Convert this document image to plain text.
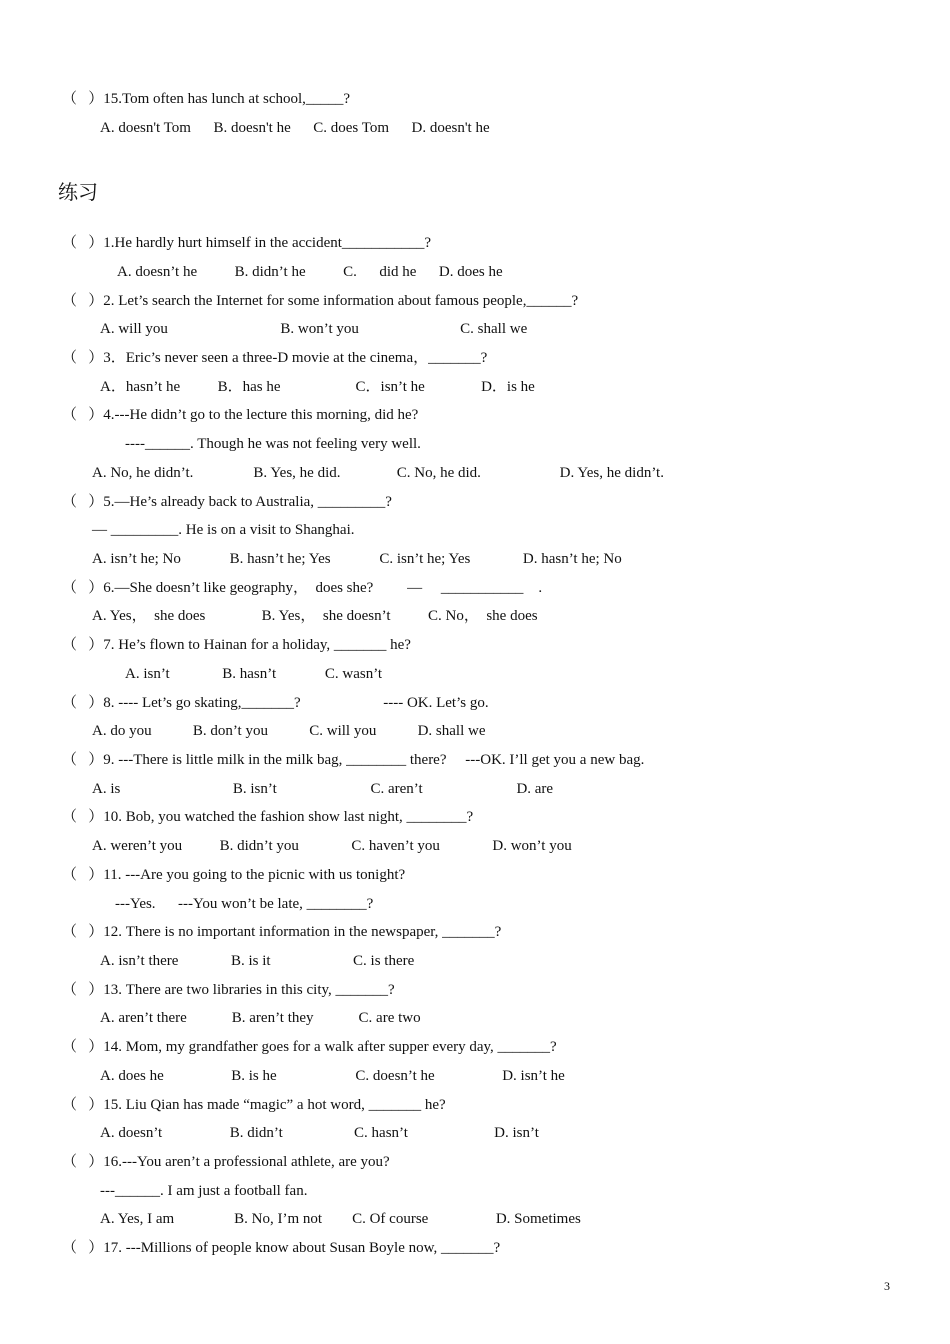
练习
（   ）15.Tom often has lunch at school,_____?
A. doesn't Tom      B. doesn't he      C. does Tom      D. doesn't he
（   ）1.He hardly hurt himself in the accident___________?
A. doesn’t he          B. didn’t he          C.      did he      D. does he
（   ）2. Let’s search the Internet for some information about famous people,______?
A. will you                              B. won’t you                           C. shall we
（   ）3．Eric’s never seen a three-D movie at the cinema，_______?
A．hasn’t he          B．has he                    C．isn’t he               D．is he
（   ）4.---He didn’t go to the lecture this morning, did he?
----______. Though he was not feeling very well.
A. No, he didn’t.                B. Yes, he did.               C. No, he did.                     D. Yes, he didn’t.
（   ）5.—He’s already back to Australia, _________?
— _________. He is on a visit to Shanghai.
A. isn’t he; No             B. hasn’t he; Yes             C. isn’t he; Yes              D. hasn’t he; No
（   ）6.—She doesn’t like geography，  does she?         —     ___________    .
A. Yes，  she does               B. Yes，  she doesn’t          C. No，  she does
（   ）7. He’s flown to Hainan for a holiday, _______ he?
A. isn’t              B. hasn’t             C. wasn’t
（   ）8. ---- Let’s go skating,_______?                      ---- OK. Let’s go.
A. do you           B. don’t you           C. will you           D. shall we
（   ）9. ---There is little milk in the milk bag, ________ there?     ---OK. I’ll get you a new bag.
A. is                              B. isn’t                         C. aren’t                         D. are
（   ）10. Bob, you watched the fashion show last night, ________?
A. weren’t you          B. didn’t you              C. haven’t you              D. won’t you
（   ）11. ---Are you going to the picnic with us tonight?
---Yes.      ---You won’t be late, ________?
（   ）12. There is no important information in the newspaper, _______?
A. isn’t there              B. is it                      C. is there
（   ）13. There are two libraries in this city, _______?
A. aren’t there            B. aren’t they            C. are two
（   ）14. Mom, my grandfather goes for a walk after supper every day, _______?
A. does he                  B. is he                     C. doesn’t he                  D. isn’t he
（   ）15. Liu Qian has made “magic” a hot word, _______ he?
A. doesn’t                  B. didn’t                   C. hasn’t                       D. isn’t
（   ）16.---You aren’t a professional athlete, are you?
---______. I am just a football fan.
A. Yes, I am                B. No, I’m not        C. Of course                  D. Sometimes
（   ）17. ---Millions of people know about Susan Boyle now, _______?
3
